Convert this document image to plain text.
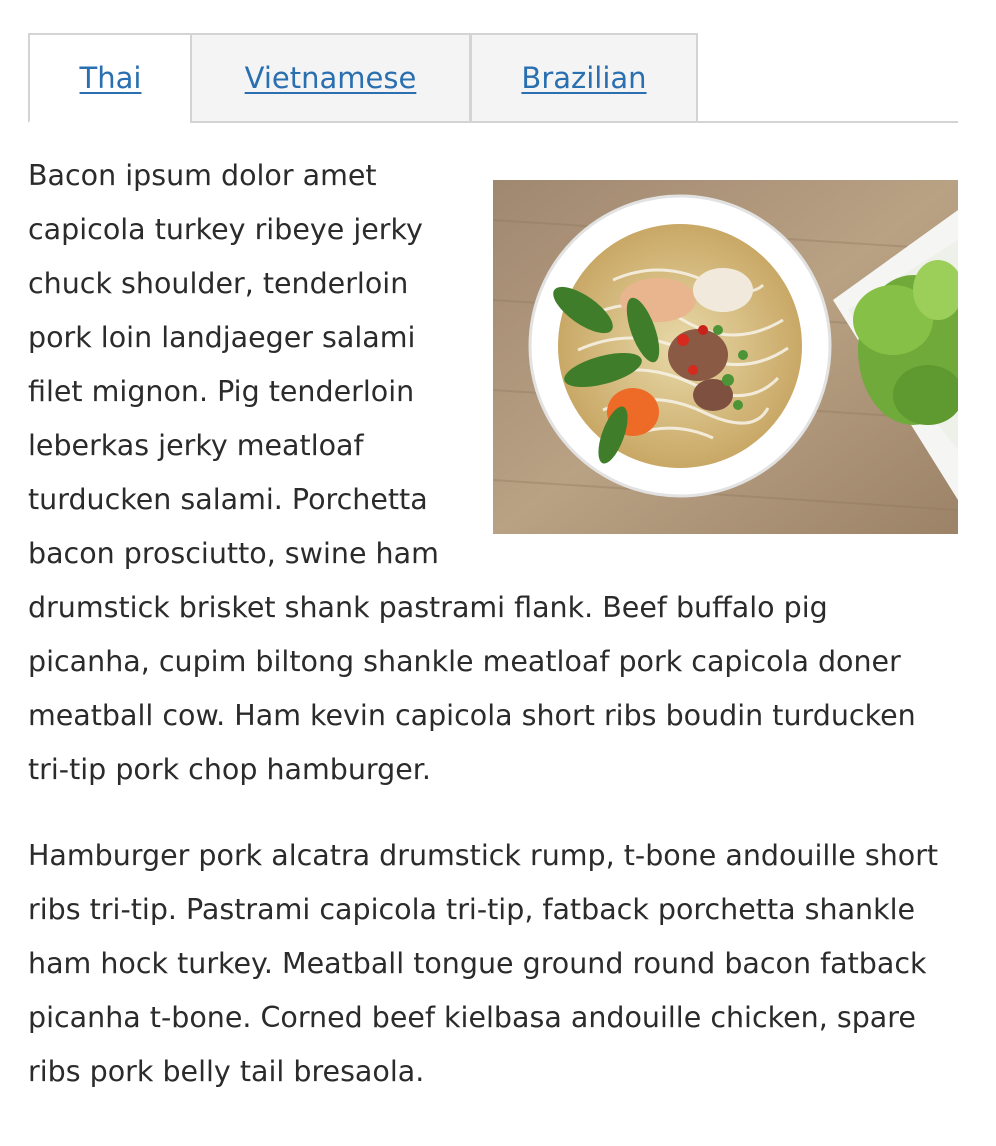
Thai	Vietnamese	Brazilian

Bacon ipsum dolor amet capicola turkey ribeye jerky chuck shoulder, tenderloin pork loin landjaeger salami filet mignon. Pig tenderloin leberkas jerky meatloaf turducken salami. Porchetta bacon prosciutto, swine ham drumstick brisket shank pastrami flank. Beef buffalo pig picanha, cupim biltong shankle meatloaf pork capicola doner meatball cow. Ham kevin capicola short ribs boudin turducken tri-tip pork chop hamburger.

Hamburger pork alcatra drumstick rump, t-bone andouille short ribs tri-tip. Pastrami capicola tri-tip, fatback porchetta shankle ham hock turkey. Meatball tongue ground round bacon fatback picanha t-bone. Corned beef kielbasa andouille chicken, spare ribs pork belly tail bresaola.
